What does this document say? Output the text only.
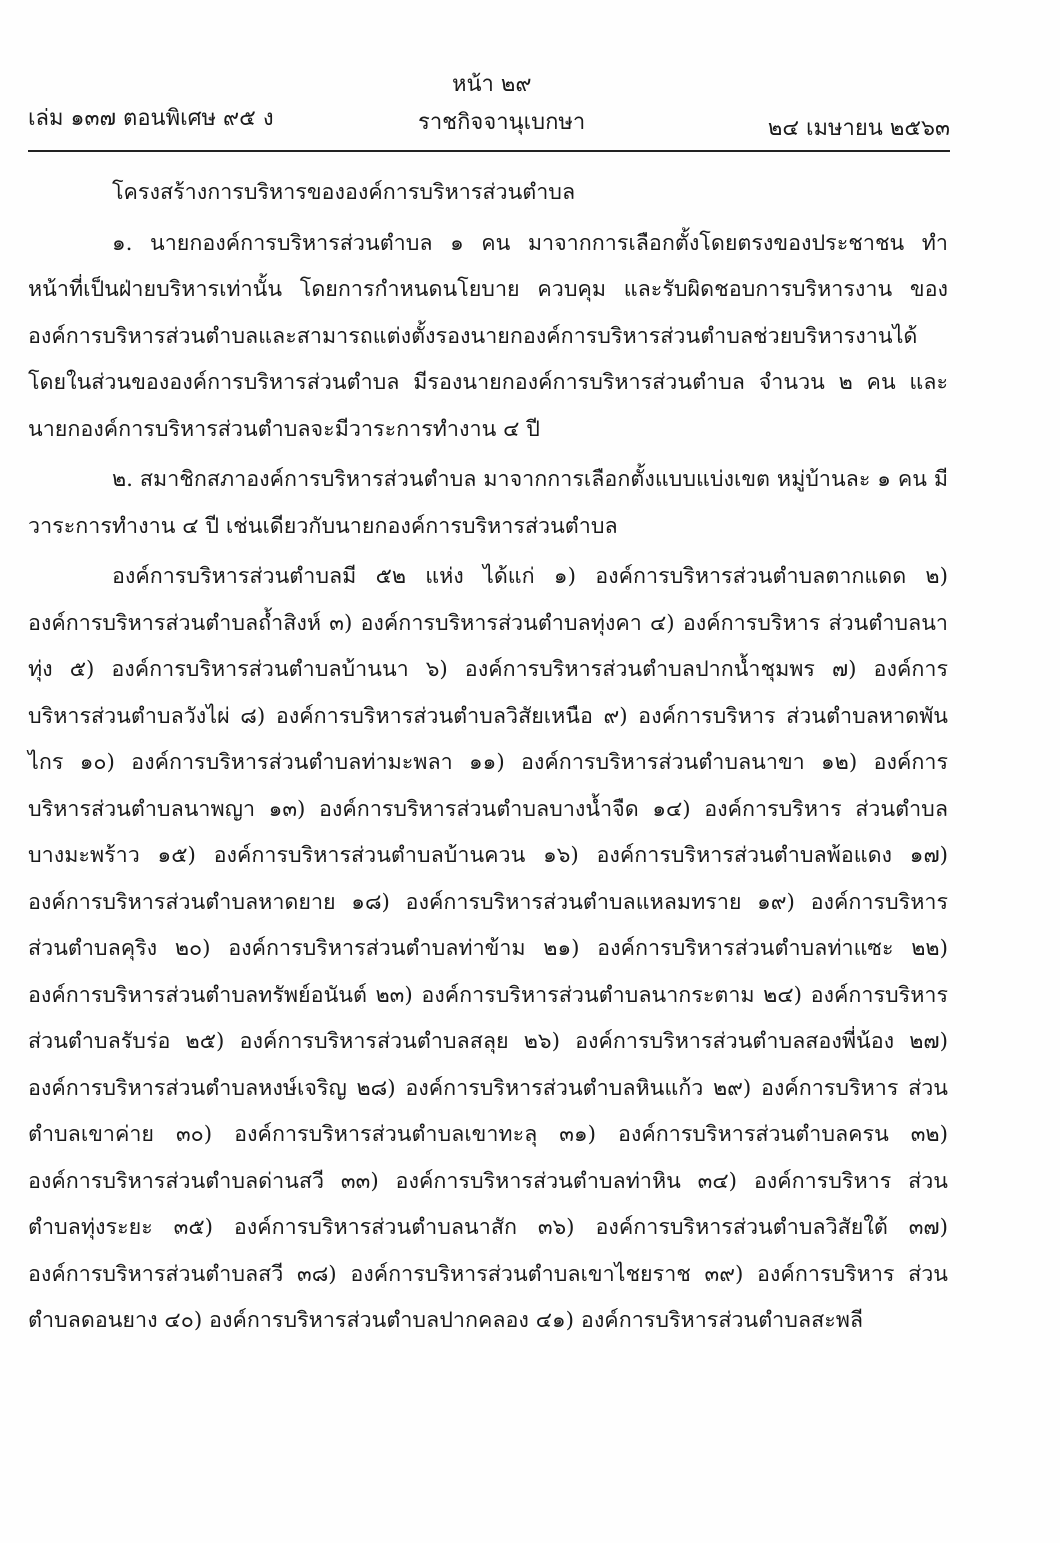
หน้า ๒๙
เล่ม ๑๓๗ ตอนพิเศษ ๙๕ ง	ราชกิจจานุเบกษา	๒๔ เมษายน ๒๕๖๓

โครงสร้างการบริหารขององค์การบริหารส่วนตำบล

๑. นายกองค์การบริหารส่วนตำบล ๑ คน มาจากการเลือกตั้งโดยตรงของประชาชน ทำหน้าที่เป็นฝ่ายบริหารเท่านั้น โดยการกำหนดนโยบาย ควบคุม และรับผิดชอบการบริหารงาน ขององค์การบริหารส่วนตำบลและสามารถแต่งตั้งรองนายกองค์การบริหารส่วนตำบลช่วยบริหารงานได้ โดยในส่วนขององค์การบริหารส่วนตำบล มีรองนายกองค์การบริหารส่วนตำบล จำนวน ๒ คน และนายกองค์การบริหารส่วนตำบลจะมีวาระการทำงาน ๔ ปี

๒. สมาชิกสภาองค์การบริหารส่วนตำบล มาจากการเลือกตั้งแบบแบ่งเขต หมู่บ้านละ ๑ คน มีวาระการทำงาน ๔ ปี เช่นเดียวกับนายกองค์การบริหารส่วนตำบล

องค์การบริหารส่วนตำบลมี ๕๒ แห่ง ได้แก่ ๑) องค์การบริหารส่วนตำบลตากแดด ๒) องค์การบริหารส่วนตำบลถ้ำสิงห์ ๓) องค์การบริหารส่วนตำบลทุ่งคา ๔) องค์การบริหาร ส่วนตำบลนาทุ่ง ๕) องค์การบริหารส่วนตำบลบ้านนา ๖) องค์การบริหารส่วนตำบลปากน้ำชุมพร ๗) องค์การบริหารส่วนตำบลวังไผ่ ๘) องค์การบริหารส่วนตำบลวิสัยเหนือ ๙) องค์การบริหาร ส่วนตำบลหาดพันไกร ๑๐) องค์การบริหารส่วนตำบลท่ามะพลา ๑๑) องค์การบริหารส่วนตำบลนาขา ๑๒) องค์การบริหารส่วนตำบลนาพญา ๑๓) องค์การบริหารส่วนตำบลบางน้ำจืด ๑๔) องค์การบริหาร ส่วนตำบลบางมะพร้าว ๑๕) องค์การบริหารส่วนตำบลบ้านควน ๑๖) องค์การบริหารส่วนตำบลพ้อแดง ๑๗) องค์การบริหารส่วนตำบลหาดยาย ๑๘) องค์การบริหารส่วนตำบลแหลมทราย ๑๙) องค์การบริหาร ส่วนตำบลคุริง ๒๐) องค์การบริหารส่วนตำบลท่าข้าม ๒๑) องค์การบริหารส่วนตำบลท่าแซะ ๒๒) องค์การบริหารส่วนตำบลทรัพย์อนันต์ ๒๓) องค์การบริหารส่วนตำบลนากระตาม ๒๔) องค์การบริหาร ส่วนตำบลรับร่อ ๒๕) องค์การบริหารส่วนตำบลสลุย ๒๖) องค์การบริหารส่วนตำบลสองพี่น้อง ๒๗) องค์การบริหารส่วนตำบลหงษ์เจริญ ๒๘) องค์การบริหารส่วนตำบลหินแก้ว ๒๙) องค์การบริหาร ส่วนตำบลเขาค่าย ๓๐) องค์การบริหารส่วนตำบลเขาทะลุ ๓๑) องค์การบริหารส่วนตำบลครน ๓๒) องค์การบริหารส่วนตำบลด่านสวี ๓๓) องค์การบริหารส่วนตำบลท่าหิน ๓๔) องค์การบริหาร ส่วนตำบลทุ่งระยะ ๓๕) องค์การบริหารส่วนตำบลนาสัก ๓๖) องค์การบริหารส่วนตำบลวิสัยใต้ ๓๗) องค์การบริหารส่วนตำบลสวี ๓๘) องค์การบริหารส่วนตำบลเขาไชยราช ๓๙) องค์การบริหาร ส่วนตำบลดอนยาง ๔๐) องค์การบริหารส่วนตำบลปากคลอง ๔๑) องค์การบริหารส่วนตำบลสะพลี
